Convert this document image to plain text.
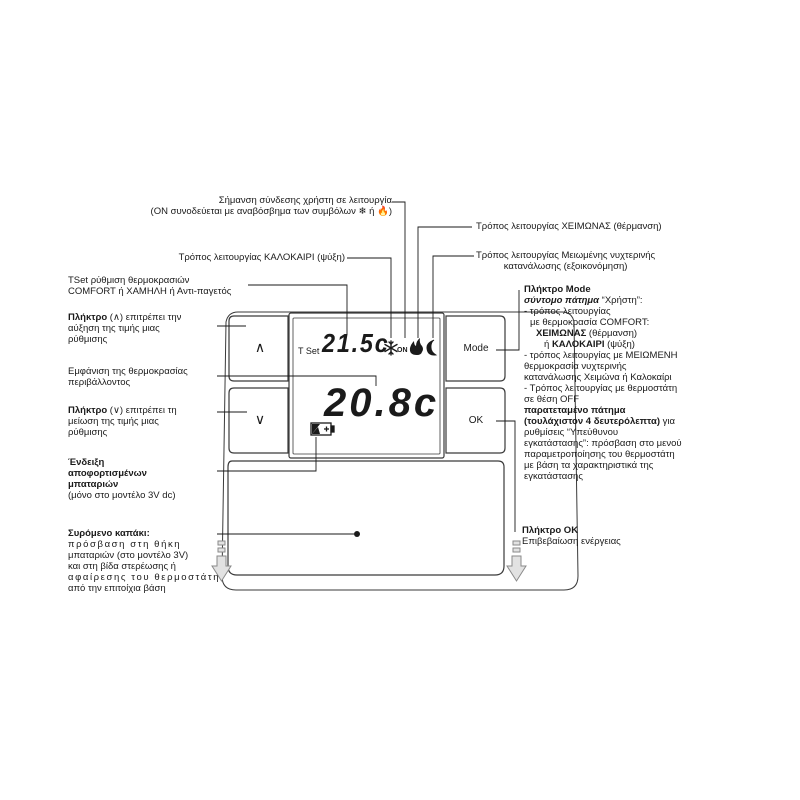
T Set 21.5c ON
20.8c
∧
∨
Mode
OK
Σήμανση σύνδεσης χρήστη σε λειτουργία
(ON συνοδεύεται με αναβόσβημα των συμβόλων ❄ ή 🔥)
Τρόπος λειτουργίας ΧΕΙΜΩΝΑΣ (θέρμανση)
Τρόπος λειτουργίας ΚΑΛΟΚΑΙΡΙ (ψύξη)	Τρόπος λειτουργίας Μειωμένης νυχτερινής
κατανάλωσης (εξοικονόμηση)
TSet ρύθμιση θερμοκρασιών
COMFORT ή ΧΑΜΗΛΗ ή Αντι-παγετός
Πλήκτρο (∧) επιτρέπει την
αύξηση της τιμής μιας
ρύθμισης
Εμφάνιση της θερμοκρασίας
περιβάλλοντος
Πλήκτρο (∨) επιτρέπει τη
μείωση της τιμής μιας
ρύθμισης
Ένδειξη
αποφορτισμένων
μπαταριών
(μόνο στο μοντέλο 3V dc)
Συρόμενο καπάκι:
πρόσβαση στη θήκη
μπαταριών (στο μοντέλο 3V)
και στη βίδα στερέωσης ή
αφαίρεσης του θερμοστάτη
από την επιτοίχια βάση
Πλήκτρο Mode
σύντομο πάτημα “Χρήστη”:
- τρόπος λειτουργίας
με θερμοκρασία COMFORT:
ΧΕΙΜΩΝΑΣ (θέρμανση)
ή ΚΑΛΟΚΑΙΡΙ (ψύξη)
- τρόπος λειτουργίας με ΜΕΙΩΜΕΝΗ
θερμοκρασία νυχτερινής
κατανάλωσης Χειμώνα ή Καλοκαίρι
- Τρόπος λειτουργίας με θερμοστάτη
σε θέση OFF
παρατεταμένο πάτημα
(τουλάχιστον 4 δευτερόλεπτα) για
ρυθμίσεις “Υπεύθυνου
εγκατάστασης”: πρόσβαση στο μενού
παραμετροποίησης του θερμοστάτη
με βάση τα χαρακτηριστικά της
εγκατάστασης
Πλήκτρο OK
Επιβεβαίωση ενέργειας
